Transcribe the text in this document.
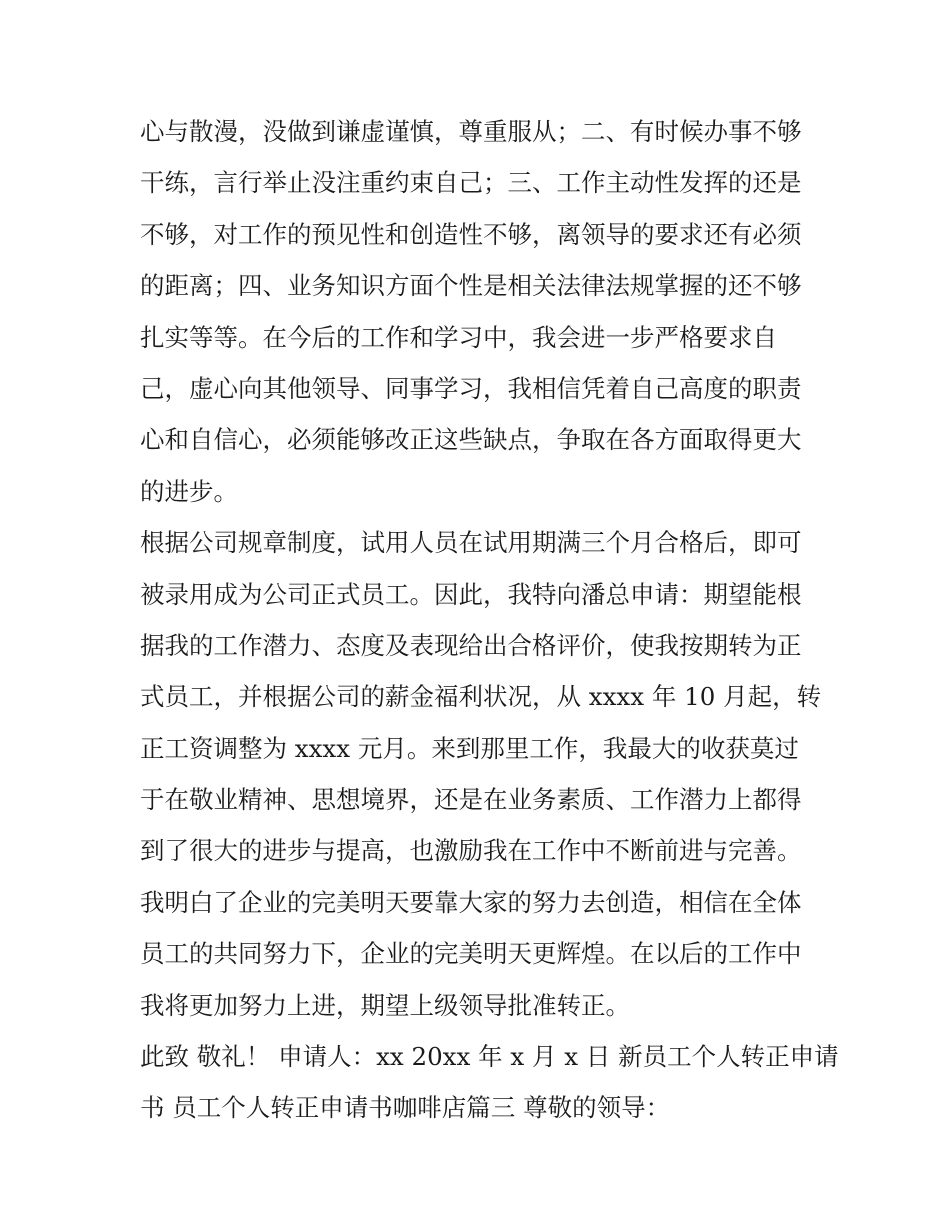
心与散漫，没做到谦虚谨慎，尊重服从；二、有时候办事不够
干练，言行举止没注重约束自己；三、工作主动性发挥的还是
不够，对工作的预见性和创造性不够，离领导的要求还有必须
的距离；四、业务知识方面个性是相关法律法规掌握的还不够
扎实等等。在今后的工作和学习中，我会进一步严格要求自
己，虚心向其他领导、同事学习，我相信凭着自己高度的职责
心和自信心，必须能够改正这些缺点，争取在各方面取得更大
的进步。
根据公司规章制度，试用人员在试用期满三个月合格后，即可
被录用成为公司正式员工。因此，我特向潘总申请：期望能根
据我的工作潜力、态度及表现给出合格评价，使我按期转为正
式员工，并根据公司的薪金福利状况，从 xxxx 年 10 月起，转
正工资调整为 xxxx 元月。来到那里工作，我最大的收获莫过
于在敬业精神、思想境界，还是在业务素质、工作潜力上都得
到了很大的进步与提高，也激励我在工作中不断前进与完善。
我明白了企业的完美明天要靠大家的努力去创造，相信在全体
员工的共同努力下，企业的完美明天更辉煌。在以后的工作中
我将更加努力上进，期望上级领导批准转正。
此致 敬礼！ 申请人：xx 20xx 年 x 月 x 日 新员工个人转正申请
书 员工个人转正申请书咖啡店篇三 尊敬的领导：
